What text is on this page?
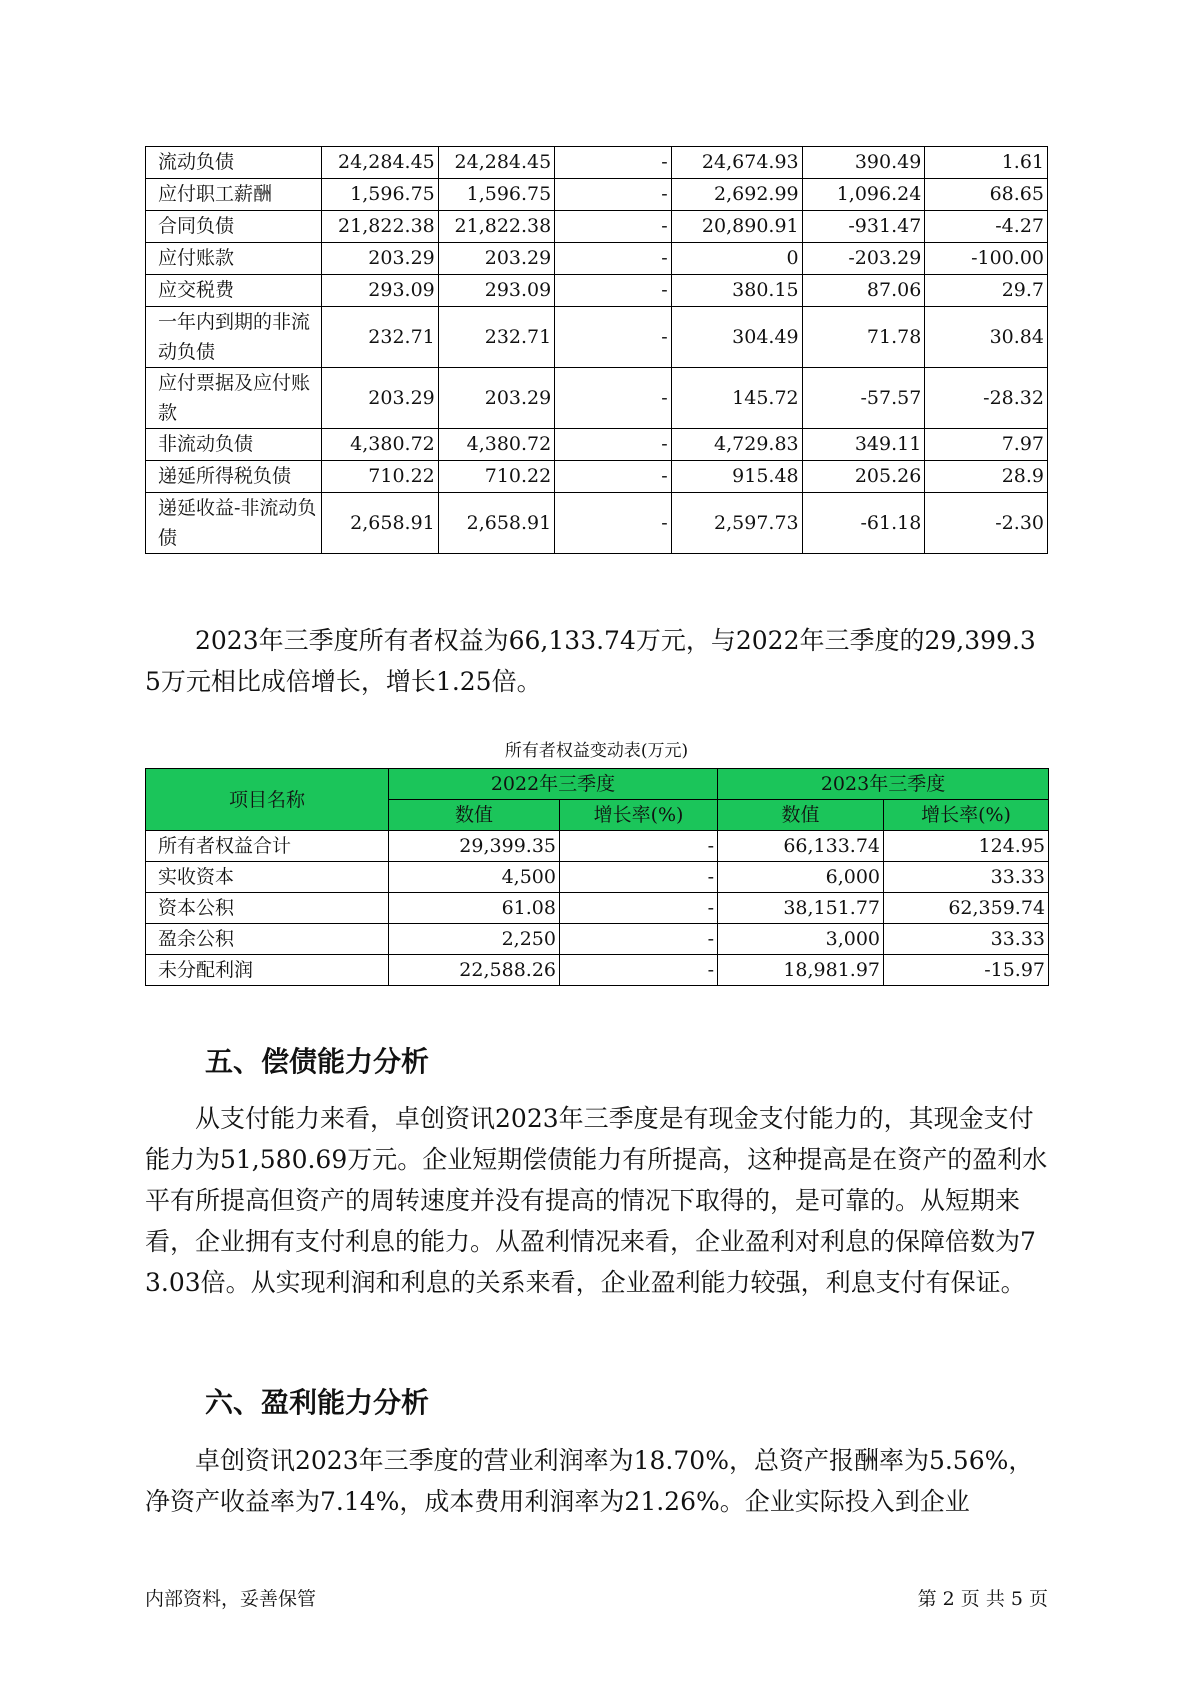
流动负债	24,284.45	24,284.45	-	24,674.93	390.49	1.61
应付职工薪酬	1,596.75	1,596.75	-	2,692.99	1,096.24	68.65
合同负债	21,822.38	21,822.38	-	20,890.91	-931.47	-4.27
应付账款	203.29	203.29	-	0	-203.29	-100.00
应交税费	293.09	293.09	-	380.15	87.06	29.7
一年内到期的非流动负债	232.71	232.71	-	304.49	71.78	30.84
应付票据及应付账款	203.29	203.29	-	145.72	-57.57	-28.32
非流动负债	4,380.72	4,380.72	-	4,729.83	349.11	7.97
递延所得税负债	710.22	710.22	-	915.48	205.26	28.9
递延收益-非流动负债	2,658.91	2,658.91	-	2,597.73	-61.18	-2.30

2023年三季度所有者权益为66,133.74万元，与2022年三季度的29,399.35万元相比成倍增长，增长1.25倍。

所有者权益变动表(万元)
项目名称	2022年三季度		2023年三季度	
	数值	增长率(%)	数值	增长率(%)
所有者权益合计	29,399.35	-	66,133.74	124.95
实收资本	4,500	-	6,000	33.33
资本公积	61.08	-	38,151.77	62,359.74
盈余公积	2,250	-	3,000	33.33
未分配利润	22,588.26	-	18,981.97	-15.97
五、偿债能力分析

从支付能力来看，卓创资讯2023年三季度是有现金支付能力的，其现金支付能力为51,580.69万元。企业短期偿债能力有所提高，这种提高是在资产的盈利水平有所提高但资产的周转速度并没有提高的情况下取得的，是可靠的。从短期来看，企业拥有支付利息的能力。从盈利情况来看，企业盈利对利息的保障倍数为73.03倍。从实现利润和利息的关系来看，企业盈利能力较强，利息支付有保证。

六、盈利能力分析

卓创资讯2023年三季度的营业利润率为18.70%，总资产报酬率为5.56%，净资产收益率为7.14%，成本费用利润率为21.26%。企业实际投入到企业

内部资料，妥善保管	第 2 页 共 5 页
